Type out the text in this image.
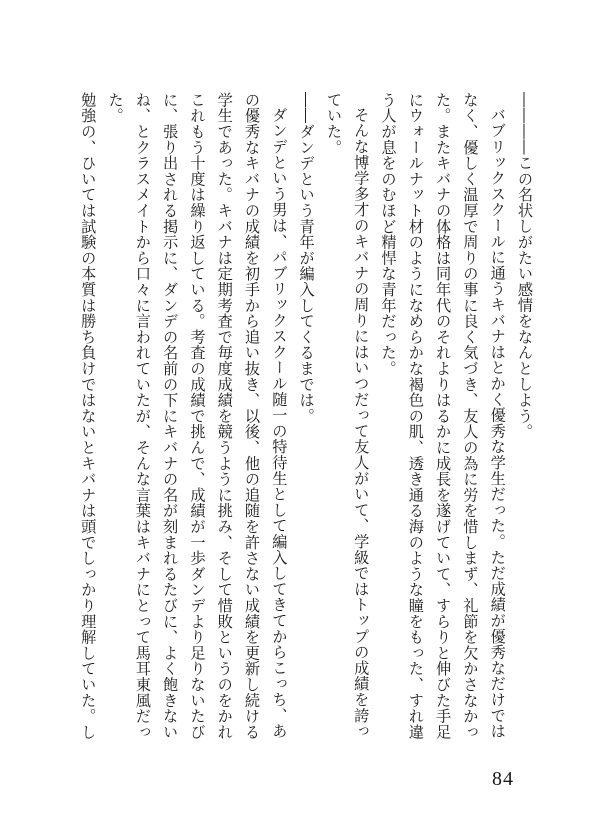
――――この名状しがたい感情をなんとしよう。

バブリックスクールに通うキバナはとかく優秀な学生だった。ただ成績が優秀なだけではなく、優しく温厚で周りの事に良く気づき、友人の為に労を惜しまず、礼節を欠かさなかった。またキバナの体格は同年代のそれよりはるかに成長を遂げていて、すらりと伸びた手足にウォールナット材のようになめらかな褐色の肌、透き通る海のような瞳をもった、すれ違う人が息をのむほど精悍な青年だった。

そんな博学多才のキバナの周りにはいつだって友人がいて、学級ではトップの成績を誇っていた。

――ダンデという青年が編入してくるまでは。

ダンデという男は、パブリックスクール随一の特待生として編入してきてからこっち、あの優秀なキバナの成績を初手から追い抜き、以後、他の追随を許さない成績を更新し続ける学生であった。キバナは定期考査で毎度成績を競うように挑み、そして惜敗というのをかれこれもう十度は繰り返している。考査の成績で挑んで、成績が一歩ダンデより足りないたびに、張り出される掲示に、ダンデの名前の下にキバナの名が刻まれるたびに、よく飽きないね、とクラスメイトから口々に言われていたが、そんな言葉はキバナにとって馬耳東風だった。

勉強の、ひいては試験の本質は勝ち負けではないとキバナは頭でしっかり理解していた。し

84
